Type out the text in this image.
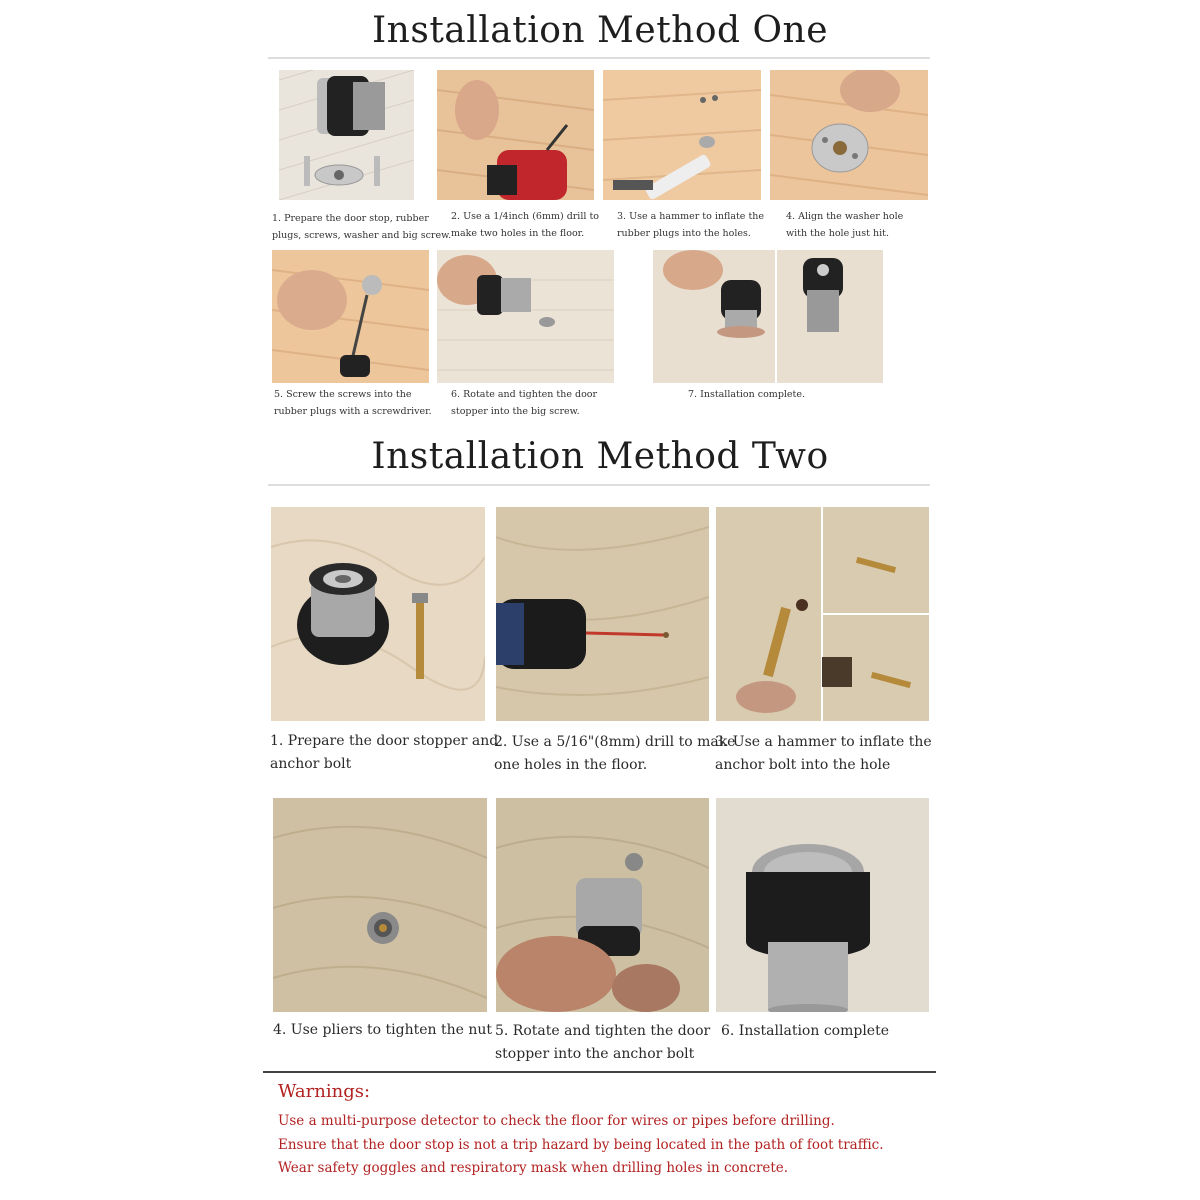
Installation Method One
1. Prepare the door stop, rubber
plugs, screws, washer and big screw.
2. Use a 1/4inch (6mm) drill to
make two holes in the floor.
3. Use a hammer to inflate the
rubber plugs into the holes.
4. Align the washer hole
with the hole just hit.
5. Screw the screws into the
rubber plugs with a screwdriver.
6. Rotate and tighten the door
stopper into the big screw.
7. Installation complete.
Installation Method Two
1. Prepare the door stopper and
anchor bolt
2. Use a 5/16"(8mm) drill to make
one holes in the floor.
3. Use a hammer to inflate the
anchor bolt into the hole
4. Use pliers to tighten the nut 5. Rotate and tighten the door
stopper into the anchor bolt
6. Installation complete
Warnings:
Use a multi-purpose detector to check the floor for wires or pipes before drilling.
Ensure that the door stop is not a trip hazard by being located in the path of foot traffic.
Wear safety goggles and respiratory mask when drilling holes in concrete.
